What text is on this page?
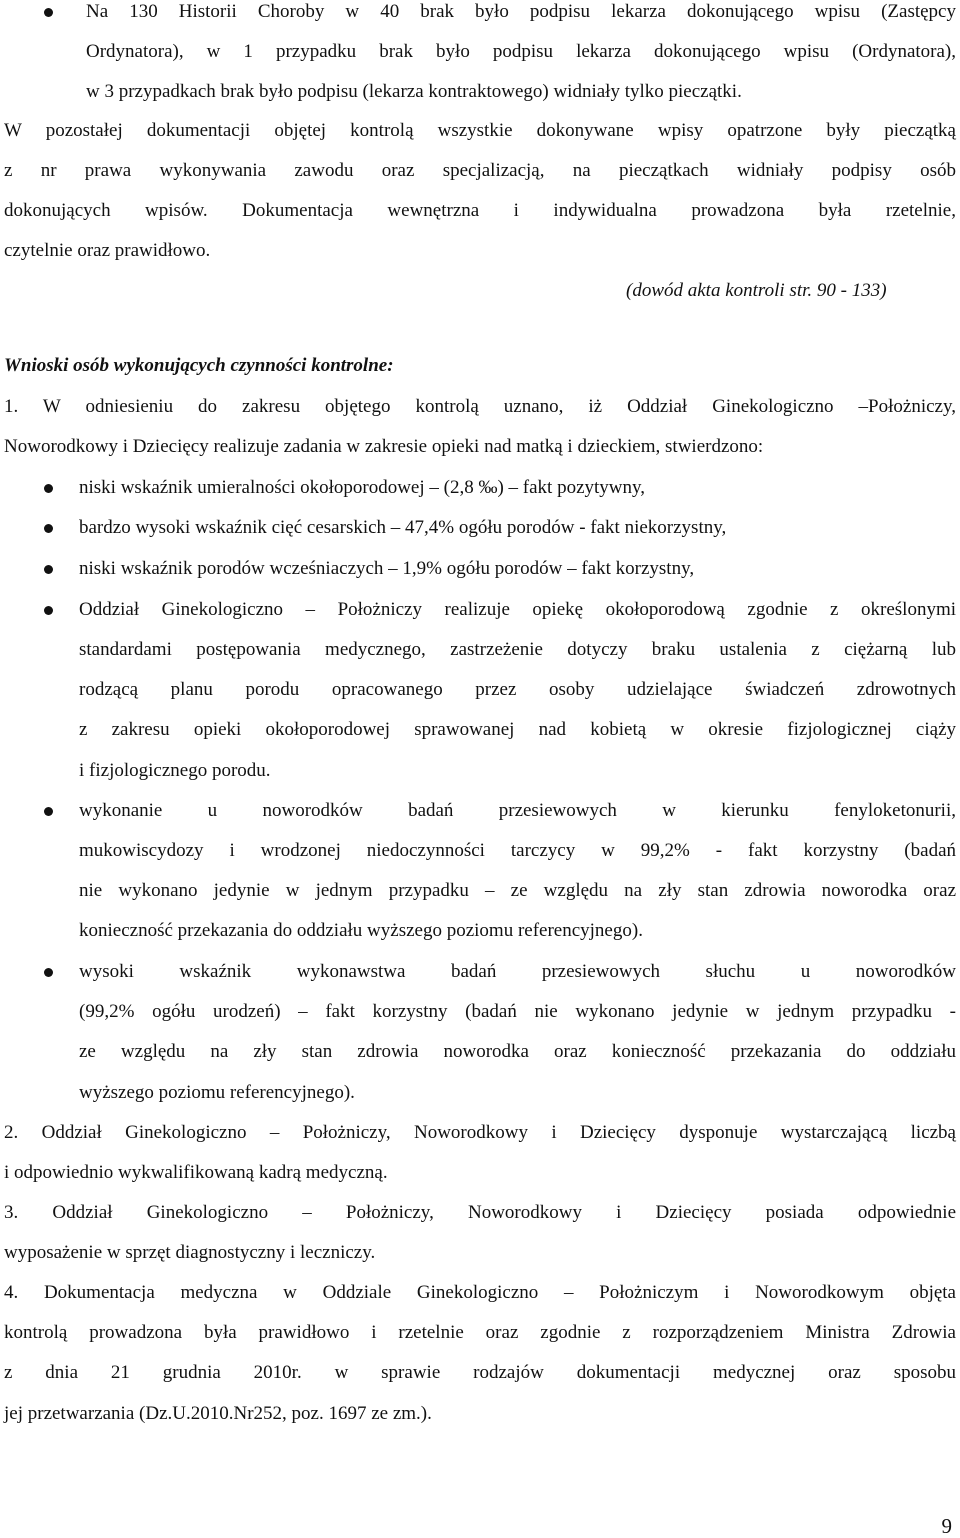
Na 130 Historii Choroby w 40 brak było podpisu lekarza dokonującego wpisu (Zastępcy
Ordynatora), w 1 przypadku brak było podpisu lekarza dokonującego wpisu (Ordynatora),
w 3 przypadkach brak było podpisu (lekarza kontraktowego) widniały tylko pieczątki.
W pozostałej dokumentacji objętej kontrolą wszystkie dokonywane wpisy opatrzone były pieczątką
z nr prawa wykonywania zawodu oraz specjalizacją, na pieczątkach widniały podpisy osób
dokonujących wpisów. Dokumentacja wewnętrzna i indywidualna prowadzona była rzetelnie,
czytelnie oraz prawidłowo.
(dowód akta kontroli str. 90 - 133)
Wnioski osób wykonujących czynności kontrolne:
1. W odniesieniu do zakresu objętego kontrolą uznano, iż Oddział Ginekologiczno –Położniczy,
Noworodkowy i Dziecięcy realizuje zadania w zakresie opieki nad matką i dzieckiem, stwierdzono:
niski wskaźnik umieralności okołoporodowej – (2,8 ‰) – fakt pozytywny,
bardzo wysoki wskaźnik cięć cesarskich – 47,4% ogółu porodów - fakt niekorzystny,
niski wskaźnik porodów wcześniaczych – 1,9% ogółu porodów – fakt korzystny,
Oddział Ginekologiczno – Położniczy realizuje opiekę okołoporodową zgodnie z określonymi
standardami postępowania medycznego, zastrzeżenie dotyczy braku ustalenia z ciężarną lub
rodzącą planu porodu opracowanego przez osoby udzielające świadczeń zdrowotnych
z zakresu opieki okołoporodowej sprawowanej nad kobietą w okresie fizjologicznej ciąży
i fizjologicznego porodu.
wykonanie u noworodków badań przesiewowych w kierunku fenyloketonurii,
mukowiscydozy i wrodzonej niedoczynności tarczycy w 99,2% - fakt korzystny (badań
nie wykonano jedynie w jednym przypadku – ze względu na zły stan zdrowia noworodka oraz
konieczność przekazania do oddziału wyższego poziomu referencyjnego).
wysoki wskaźnik wykonawstwa badań przesiewowych słuchu u noworodków
(99,2% ogółu urodzeń) – fakt korzystny (badań nie wykonano jedynie w jednym przypadku -
ze względu na zły stan zdrowia noworodka oraz konieczność przekazania do oddziału
wyższego poziomu referencyjnego).
2. Oddział Ginekologiczno – Położniczy, Noworodkowy i Dziecięcy dysponuje wystarczającą liczbą
i odpowiednio wykwalifikowaną kadrą medyczną.
3. Oddział Ginekologiczno – Położniczy, Noworodkowy i Dziecięcy posiada odpowiednie
wyposażenie w sprzęt diagnostyczny i leczniczy.
4. Dokumentacja medyczna w Oddziale Ginekologiczno – Położniczym i Noworodkowym objęta
kontrolą prowadzona była prawidłowo i rzetelnie oraz zgodnie z rozporządzeniem Ministra Zdrowia
z dnia 21 grudnia 2010r. w sprawie rodzajów dokumentacji medycznej oraz sposobu
jej przetwarzania (Dz.U.2010.Nr252, poz. 1697 ze zm.).
9
